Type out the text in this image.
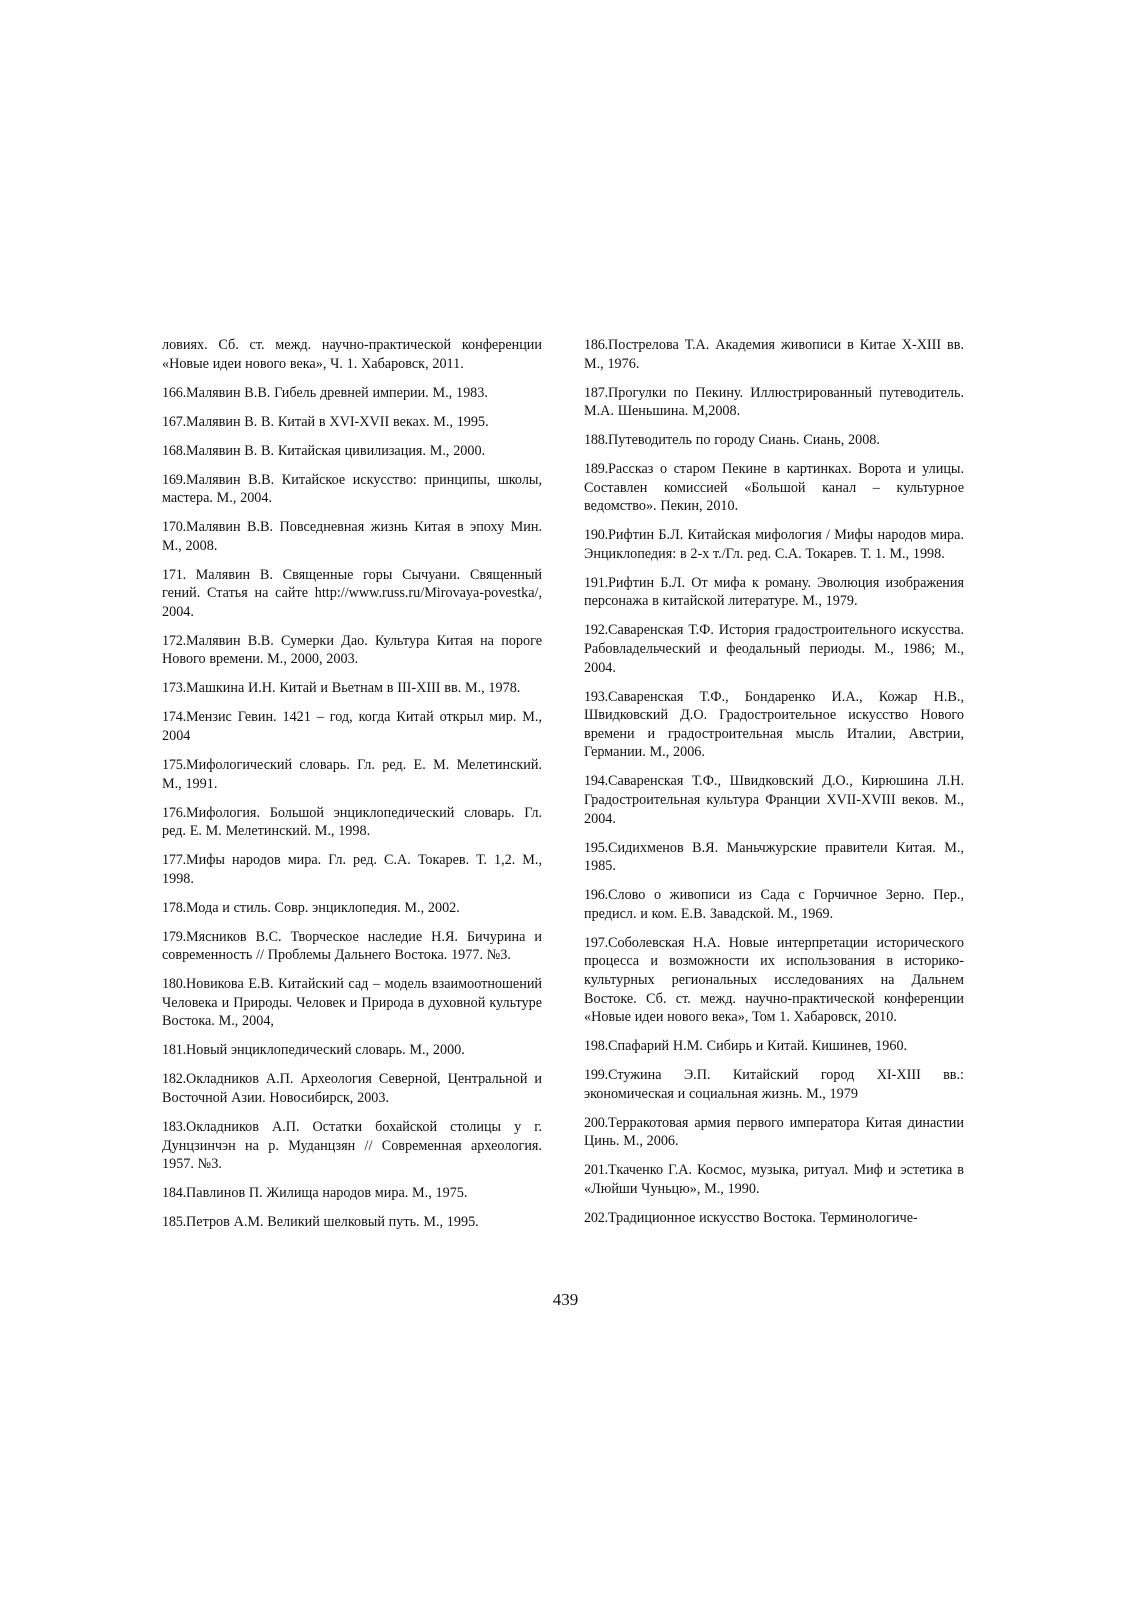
ловиях. Сб. ст. межд. научно-практической конференции «Новые идеи нового века», Ч. 1. Хабаровск, 2011.

166.Малявин В.В. Гибель древней империи. М., 1983.

167.Малявин В. В. Китай в XVI-XVII веках. М., 1995.

168.Малявин В. В. Китайская цивилизация. М., 2000.

169.Малявин В.В. Китайское искусство: принципы, школы, мастера. М., 2004.

170.Малявин В.В. Повседневная жизнь Китая в эпоху Мин. М., 2008.

171. Малявин В. Священные горы Сычуани. Священный гений. Статья на сайте http://www.russ.ru/Mirovaya-povestka/, 2004.

172.Малявин В.В. Сумерки Дао. Культура Китая на пороге Нового времени. М., 2000, 2003.

173.Машкина И.Н. Китай и Вьетнам в III-XIII вв. М., 1978.

174.Мензис Гевин. 1421 – год, когда Китай открыл мир. М., 2004

175.Мифологический словарь. Гл. ред. Е. М. Мелетинский. М., 1991.

176.Мифология. Большой энциклопедический словарь. Гл. ред. Е. М. Мелетинский. М., 1998.

177.Мифы народов мира. Гл. ред. С.А. Токарев. Т. 1,2. М., 1998.

178.Мода и стиль. Совр. энциклопедия. М., 2002.

179.Мясников В.С. Творческое наследие Н.Я. Бичурина и современность // Проблемы Дальнего Востока. 1977. №3.

180.Новикова Е.В. Китайский сад – модель взаимоотношений Человека и Природы. Человек и Природа в духовной культуре Востока. М., 2004,

181.Новый энциклопедический словарь. М., 2000.

182.Окладников А.П. Археология Северной, Центральной и Восточной Азии. Новосибирск, 2003.

183.Окладников А.П. Остатки бохайской столицы у г. Дунцзинчэн на р. Муданцзян // Современная археология. 1957. №3.

184.Павлинов П. Жилища народов мира. М., 1975.

185.Петров А.М. Великий шелковый путь. М., 1995.

186.Пострелова Т.А. Академия живописи в Китае X-XIII вв. М., 1976.

187.Прогулки по Пекину. Иллюстрированный путеводитель. М.А. Шеньшина. М,2008.

188.Путеводитель по городу Сиань. Сиань, 2008.

189.Рассказ о старом Пекине в картинках. Ворота и улицы. Составлен комиссией «Большой канал – культурное ведомство». Пекин, 2010.

190.Рифтин Б.Л. Китайская мифология / Мифы народов мира. Энциклопедия: в 2-х т./Гл. ред. С.А. Токарев. Т. 1. М., 1998.

191.Рифтин Б.Л. От мифа к роману. Эволюция изображения персонажа в китайской литературе. М., 1979.

192.Саваренская Т.Ф. История градостроительного искусства. Рабовладельческий и феодальный периоды. М., 1986; М., 2004.

193.Саваренская Т.Ф., Бондаренко И.А., Кожар Н.В., Швидковский Д.О. Градостроительное искусство Нового времени и градостроительная мысль Италии, Австрии, Германии. М., 2006.

194.Саваренская Т.Ф., Швидковский Д.О., Кирюшина Л.Н. Градостроительная культура Франции XVII-XVIII веков. М., 2004.

195.Сидихменов В.Я. Маньчжурские правители Китая. М., 1985.

196.Слово о живописи из Сада с Горчичное Зерно. Пер., предисл. и ком. Е.В. Завадской. М., 1969.

197.Соболевская Н.А. Новые интерпретации исторического процесса и возможности их использования в историко-культурных региональных исследованиях на Дальнем Востоке. Сб. ст. межд. научно-практической конференции «Новые идеи нового века», Том 1. Хабаровск, 2010.

198.Спафарий Н.М. Сибирь и Китай. Кишинев, 1960.

199.Стужина Э.П. Китайский город XI-XIII вв.: экономическая и социальная жизнь. М., 1979

200.Терракотовая армия первого императора Китая династии Цинь. М., 2006.

201.Ткаченко Г.А. Космос, музыка, ритуал. Миф и эстетика в «Люйши Чуньцю», М., 1990.

202.Традиционное искусство Востока. Терминологиче-

439
